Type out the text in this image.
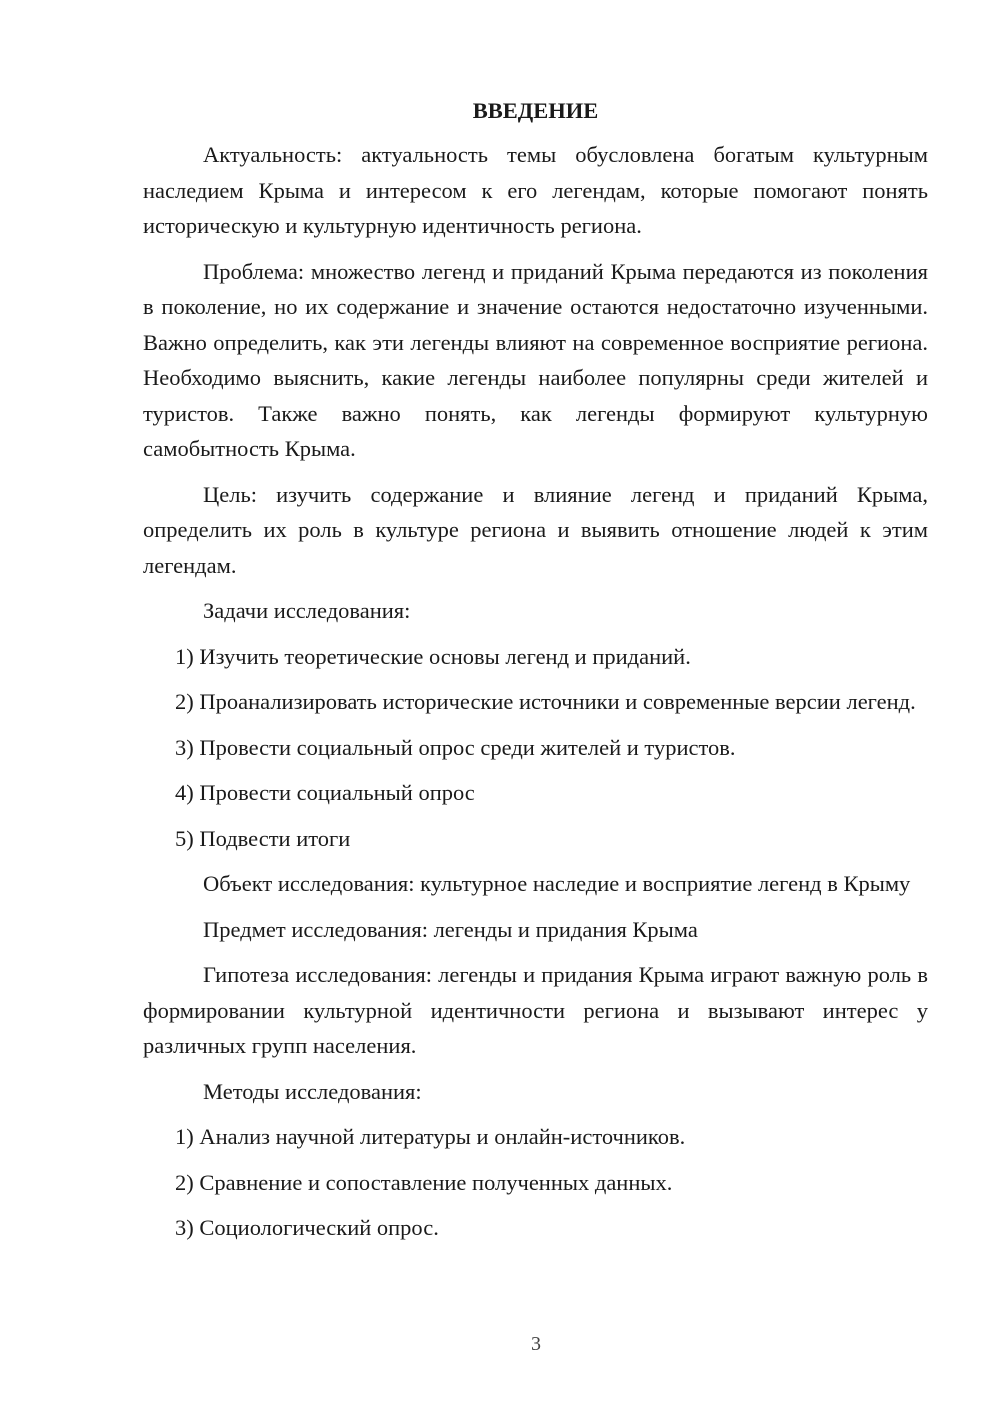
ВВЕДЕНИЕ

Актуальность: актуальность темы обусловлена богатым культурным наследием Крыма и интересом к его легендам, которые помогают понять историческую и культурную идентичность региона.

Проблема: множество легенд и приданий Крыма передаются из поколения в поколение, но их содержание и значение остаются недостаточно изученными. Важно определить, как эти легенды влияют на современное восприятие региона. Необходимо выяснить, какие легенды наиболее популярны среди жителей и туристов. Также важно понять, как легенды формируют культурную самобытность Крыма.

Цель: изучить содержание и влияние легенд и приданий Крыма, определить их роль в культуре региона и выявить отношение людей к этим легендам.

Задачи исследования:

1) Изучить теоретические основы легенд и приданий.

2) Проанализировать исторические источники и современные версии легенд.

3) Провести социальный опрос среди жителей и туристов.

4) Провести социальный опрос

5) Подвести итоги

Объект исследования: культурное наследие и восприятие легенд в Крыму

Предмет исследования: легенды и придания Крыма

Гипотеза исследования: легенды и придания Крыма играют важную роль в формировании культурной идентичности региона и вызывают интерес у различных групп населения.

Методы исследования:

1) Анализ научной литературы и онлайн-источников.

2) Сравнение и сопоставление полученных данных.

3) Социологический опрос.

3
